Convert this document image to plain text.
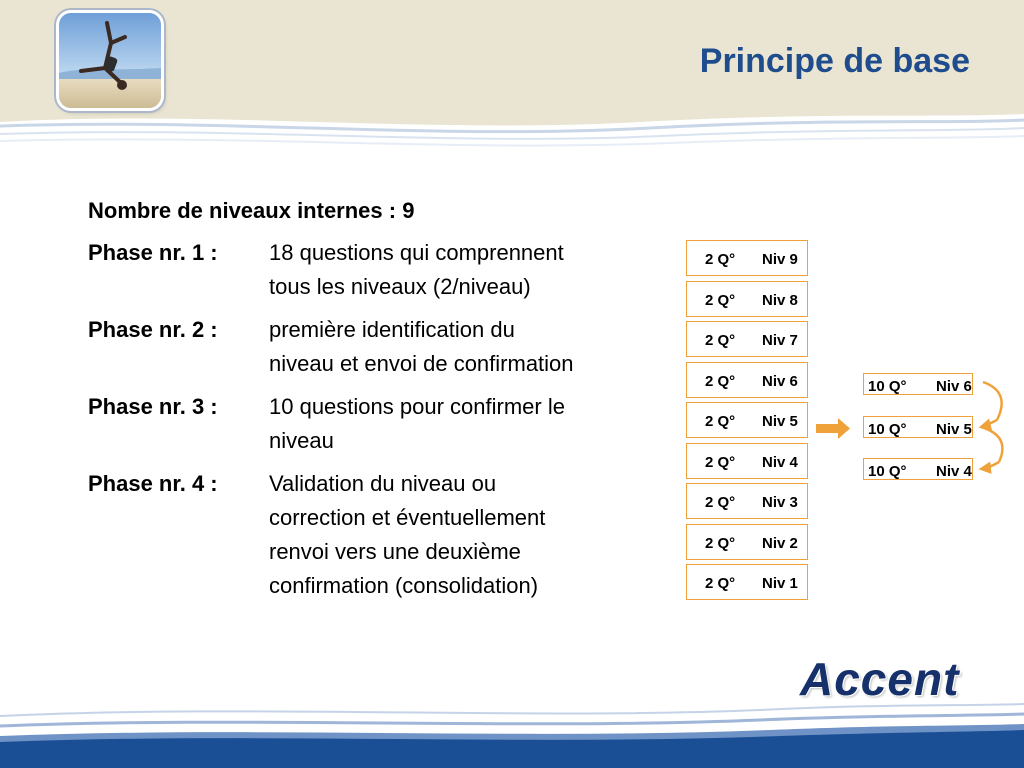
Principe de base
Nombre de niveaux internes : 9
Phase nr. 1 :	18 questions qui comprennent
tous les niveaux (2/niveau)
Phase nr. 2 :	première identification du
niveau et envoi de confirmation
Phase nr. 3 :	10 questions pour confirmer le
niveau
Phase nr. 4 :	Validation du niveau ou
correction et éventuellement
renvoi vers une deuxième
confirmation (consolidation)
2 Q° Niv 9
2 Q° Niv 8
2 Q° Niv 7
2 Q° Niv 6
2 Q° Niv 5
2 Q° Niv 4
2 Q° Niv 3
2 Q° Niv 2
2 Q° Niv 1
10 Q° Niv 6
10 Q° Niv 5
10 Q° Niv 4
Accent
